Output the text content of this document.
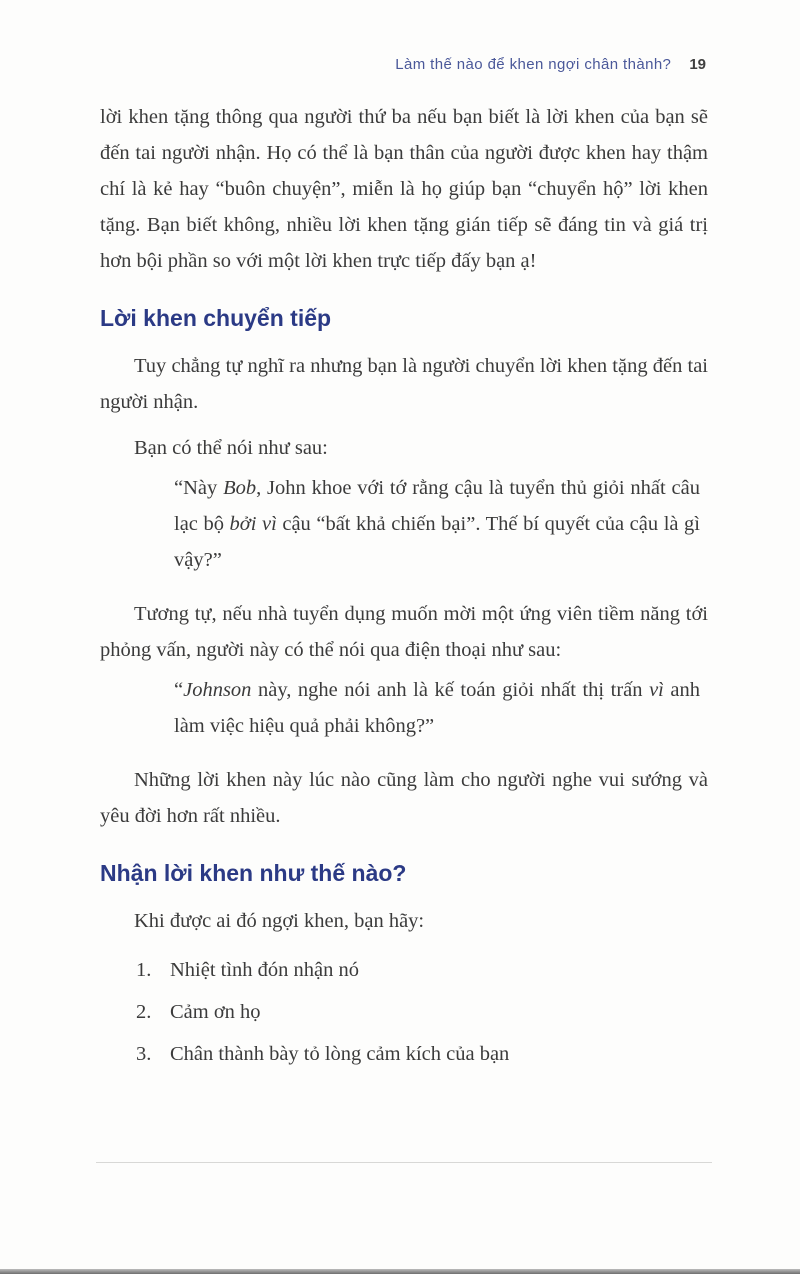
Làm thế nào để khen ngợi chân thành? 19

lời khen tặng thông qua người thứ ba nếu bạn biết là lời khen của bạn sẽ đến tai người nhận. Họ có thể là bạn thân của người được khen hay thậm chí là kẻ hay “buôn chuyện”, miễn là họ giúp bạn “chuyển hộ” lời khen tặng. Bạn biết không, nhiều lời khen tặng gián tiếp sẽ đáng tin và giá trị hơn bội phần so với một lời khen trực tiếp đấy bạn ạ!

Lời khen chuyển tiếp

Tuy chẳng tự nghĩ ra nhưng bạn là người chuyển lời khen tặng đến tai người nhận.

Bạn có thể nói như sau:

“Này Bob, John khoe với tớ rằng cậu là tuyển thủ giỏi nhất câu lạc bộ bởi vì cậu “bất khả chiến bại”. Thế bí quyết của cậu là gì vậy?”

Tương tự, nếu nhà tuyển dụng muốn mời một ứng viên tiềm năng tới phỏng vấn, người này có thể nói qua điện thoại như sau:

“Johnson này, nghe nói anh là kế toán giỏi nhất thị trấn vì anh làm việc hiệu quả phải không?”

Những lời khen này lúc nào cũng làm cho người nghe vui sướng và yêu đời hơn rất nhiều.

Nhận lời khen như thế nào?

Khi được ai đó ngợi khen, bạn hãy:

1. Nhiệt tình đón nhận nó
2. Cảm ơn họ
3. Chân thành bày tỏ lòng cảm kích của bạn
